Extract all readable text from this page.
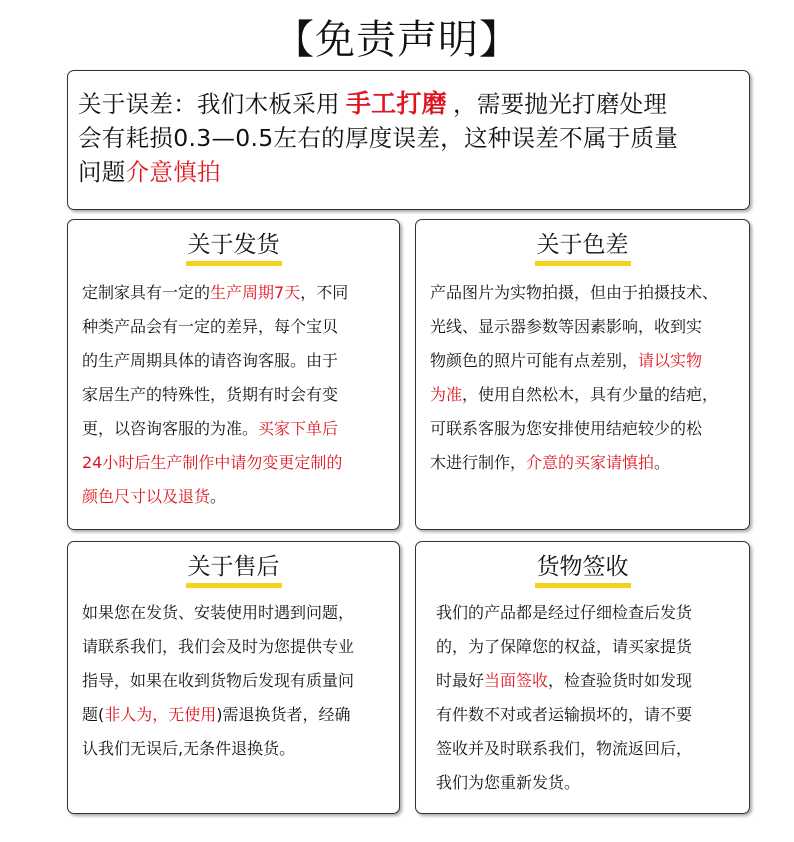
【免责声明】
关于误差：我们木板采用 手工打磨 ，需要抛光打磨处理
会有耗损0.3—0.5左右的厚度误差，这种误差不属于质量
问题介意慎拍
关于发货
定制家具有一定的生产周期7天，不同
种类产品会有一定的差异，每个宝贝
的生产周期具体的请咨询客服。由于
家居生产的特殊性，货期有时会有变
更，以咨询客服的为准。买家下单后
24小时后生产制作中请勿变更定制的
颜色尺寸以及退货。
关于色差
产品图片为实物拍摄，但由于拍摄技术、
光线、显示器参数等因素影响，收到实
物颜色的照片可能有点差别，请以实物
为准，使用自然松木，具有少量的结疤，
可联系客服为您安排使用结疤较少的松
木进行制作，介意的买家请慎拍。
关于售后
如果您在发货、安装使用时遇到问题，
请联系我们，我们会及时为您提供专业
指导，如果在收到货物后发现有质量问
题(非人为，无使用)需退换货者，经确
认我们无误后,无条件退换货。
货物签收
我们的产品都是经过仔细检查后发货
的，为了保障您的权益，请买家提货
时最好当面签收，检查验货时如发现
有件数不对或者运输损坏的，请不要
签收并及时联系我们，物流返回后，
我们为您重新发货。
